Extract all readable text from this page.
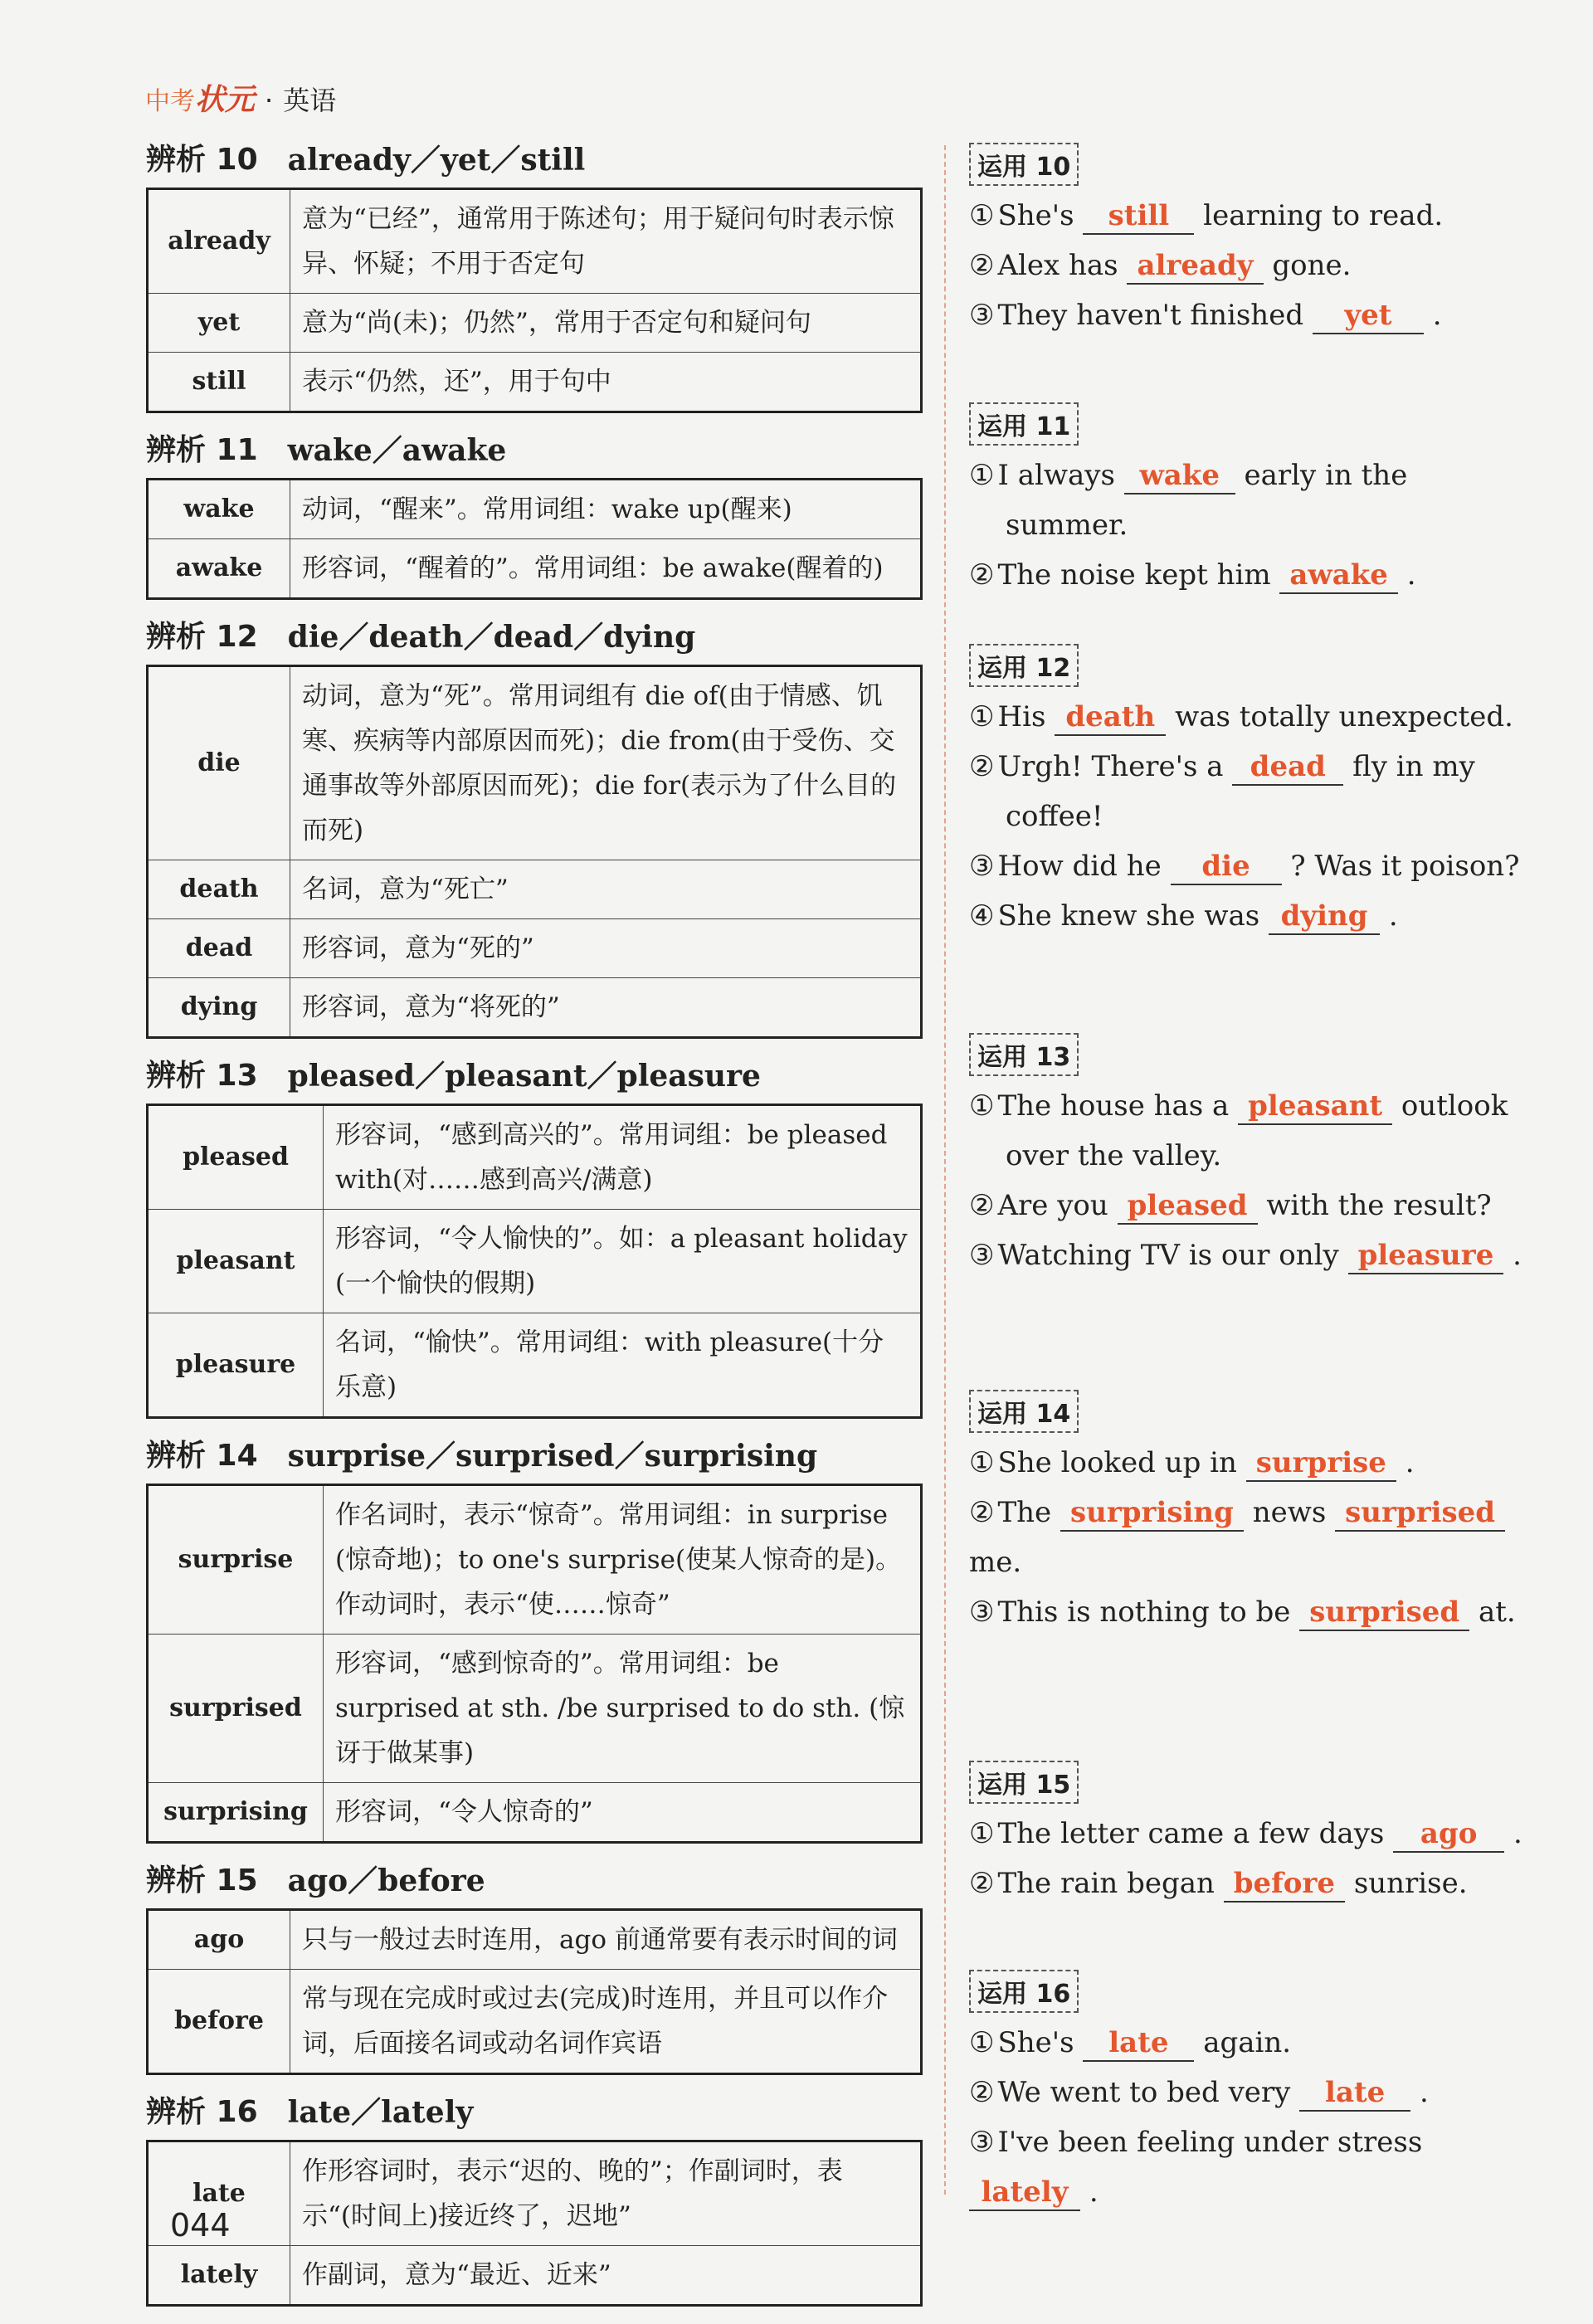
中考状元 · 英语
辨析 10 already／yet／still
already	意为“已经”，通常用于陈述句；用于疑问句时表示惊异、怀疑；不用于否定句
yet	意为“尚(未)；仍然”，常用于否定句和疑问句
still	表示“仍然，还”，用于句中
辨析 11 wake／awake
wake	动词，“醒来”。常用词组：wake up(醒来)
awake	形容词，“醒着的”。常用词组：be awake(醒着的)
辨析 12 die／death／dead／dying
die	动词，意为“死”。常用词组有 die of(由于情感、饥寒、疾病等内部原因而死)；die from(由于受伤、交通事故等外部原因而死)；die for(表示为了什么目的而死)
death	名词，意为“死亡”
dead	形容词，意为“死的”
dying	形容词，意为“将死的”
辨析 13 pleased／pleasant／pleasure
pleased	形容词，“感到高兴的”。常用词组：be pleased with(对……感到高兴/满意)
pleasant	形容词，“令人愉快的”。如：a pleasant holiday (一个愉快的假期)
pleasure	名词，“愉快”。常用词组：with pleasure(十分乐意)
辨析 14 surprise／surprised／surprising
surprise	作名词时，表示“惊奇”。常用词组：in surprise (惊奇地)；to one's surprise(使某人惊奇的是)。作动词时，表示“使……惊奇”
surprised	形容词，“感到惊奇的”。常用词组：be surprised at sth. /be surprised to do sth. (惊讶于做某事)
surprising	形容词，“令人惊奇的”
辨析 15 ago／before
ago	只与一般过去时连用，ago 前通常要有表示时间的词
before	常与现在完成时或过去(完成)时连用，并且可以作介词，后面接名词或动名词作宾语
辨析 16 late／lately
late	作形容词时，表示“迟的、晚的”；作副词时，表示“(时间上)接近终了，迟地”
lately	作副词，意为“最近、近来”
运用 10
① She's still learning to read.
② Alex has already gone.
③ They haven't finished yet .
运用 11
① I always wake early in the
summer.
② The noise kept him awake .
运用 12
① His death was totally unexpected.
② Urgh! There's a dead fly in my
coffee!
③ How did he die ? Was it poison?
④ She knew she was dying .
运用 13
① The house has a pleasant outlook
over the valley.
② Are you pleased with the result?
③ Watching TV is our only pleasure .
运用 14
① She looked up in surprise .
② The surprising news surprised me.
③ This is nothing to be surprised at.
运用 15
① The letter came a few days ago .
② The rain began before sunrise.
运用 16
① She's late again.
② We went to bed very late .
③ I've been feeling under stress lately .
044
